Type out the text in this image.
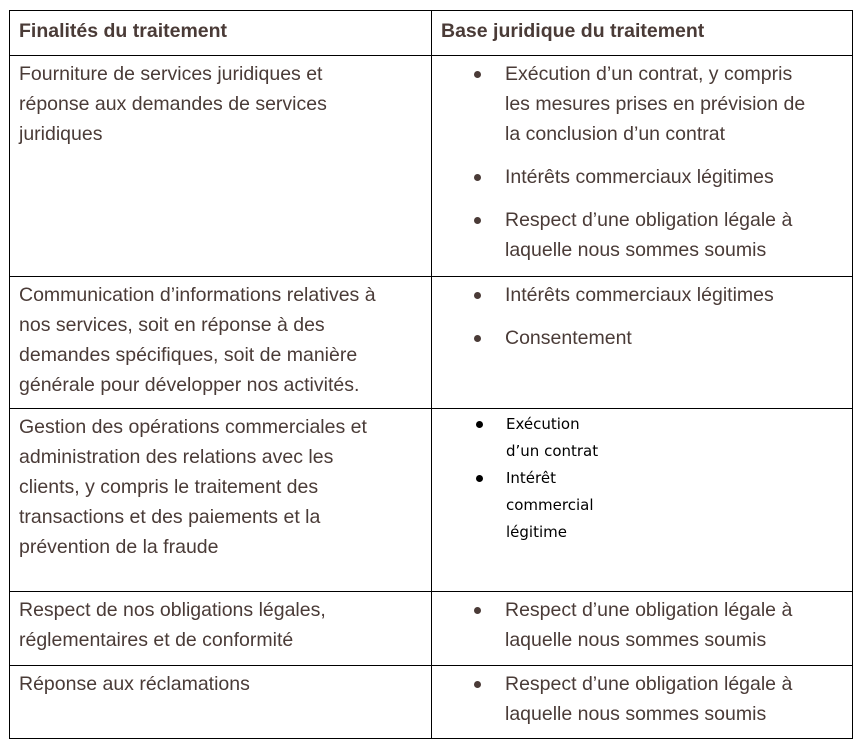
Finalités du traitement	Base juridique du traitement
Fourniture de services juridiques et
réponse aux demandes de services
juridiques
Exécution d’un contrat, y compris
les mesures prises en prévision de
la conclusion d’un contrat
Intérêts commerciaux légitimes
Respect d’une obligation légale à
laquelle nous sommes soumis
Communication d’informations relatives à
nos services, soit en réponse à des
demandes spécifiques, soit de manière
générale pour développer nos activités.
Intérêts commerciaux légitimes
Consentement
Gestion des opérations commerciales et
administration des relations avec les
clients, y compris le traitement des
transactions et des paiements et la
prévention de la fraude
Exécution
d’un contrat
Intérêt
commercial
légitime
Respect de nos obligations légales,
réglementaires et de conformité
Respect d’une obligation légale à
laquelle nous sommes soumis
Réponse aux réclamations	Respect d’une obligation légale à
laquelle nous sommes soumis
